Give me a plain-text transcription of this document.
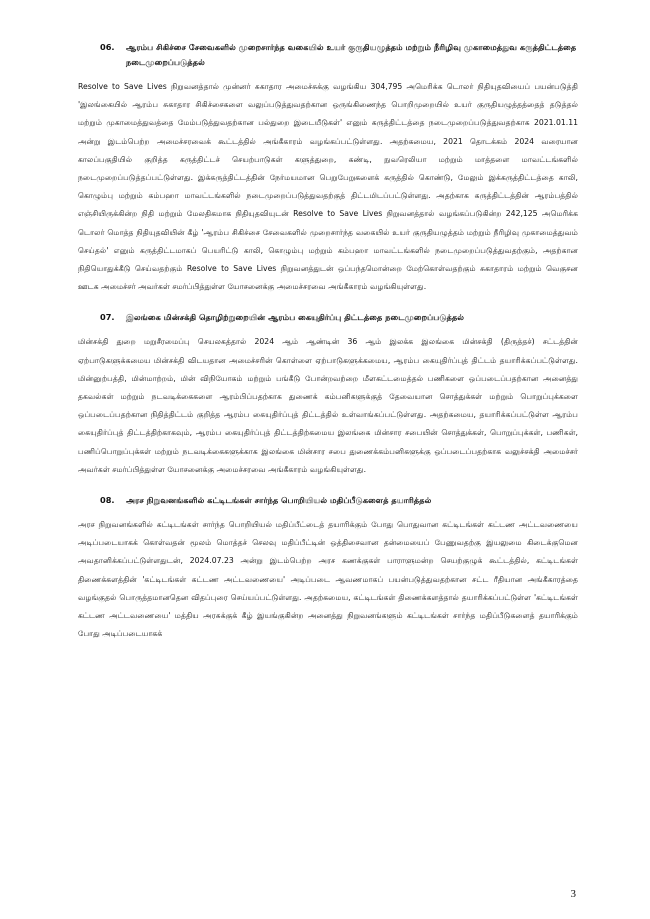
06.	ஆரம்ப சிகிச்சை சேவைகளில் முறைசார்ந்த வகையில் உயர் குருதியழுத்தம் மற்றும் நீரிழிவு முகாமைத்துவ கருத்திட்டத்தை நடைமுறைப்படுத்தல்

Resolve to Save Lives நிறுவனத்தால் முன்னர் சுகாதார அமைச்சுக்கு வழங்கிய 304,795 அமெரிக்க டொலர் நிதியுதவியைப் பயன்படுத்தி 'இலங்கையில் ஆரம்ப சுகாதார சிகிச்சைகளை வலுப்படுத்துவதற்கான ஒருங்கிணைந்த பொறிமுறையில் உயர் குருதியழுத்தத்தைத் தடுத்தல் மற்றும் முகாமைத்துவத்தை மேம்படுத்துவதற்கான பல்துறை இடையீடுகள்' எனும் கருத்திட்டத்தை நடைமுறைப்படுத்துவதற்காக 2021.01.11 அன்று இடம்பெற்ற அமைச்சரவைக் கூட்டத்தில் அங்கீகாரம் வழங்கப்பட்டுள்ளது. அதற்கமைய, 2021 தொடக்கம் 2024 வரையான காலப்பகுதியில் குறித்த கருத்திட்டச் செயற்பாடுகள் களுத்துறை, கண்டி, நுவரெலியா மற்றும் மாத்தளை மாவட்டங்களில் நடைமுறைப்படுத்தப்பட்டுள்ளது. இக்கருத்திட்டத்தின் நேர்மயமான பெறுபேறுகளைக் கருத்தில் கொண்டு, மேலும் இக்கருத்திட்டத்தை காலி, கொழும்பு மற்றும் கம்பஹா மாவட்டங்களில் நடைமுறைப்படுத்துவதற்குத் திட்டமிடப்பட்டுள்ளது. அதற்காக கருத்திட்டத்தின் ஆரம்பத்தில் எஞ்சியிருக்கின்ற நிதி மற்றும் மேலதிகமாக நிதியுதவியுடன் Resolve to Save Lives நிறுவனத்தால் வழங்கப்படுகின்ற 242,125 அமெரிக்க டொலர் மொத்த நிதியுதவியின் கீழ் 'ஆரம்ப சிகிச்சை சேவைகளில் முறைசார்ந்த வகையில் உயர் குருதியழுத்தம் மற்றும் நீரிழிவு முகாமைத்துவம் செய்தல்' எனும் கருத்திட்டமாகப் பெயரிட்டு காலி, கொழும்பு மற்றும் கம்பஹா மாவட்டங்களில் நடைமுறைப்படுத்துவதற்கும், அதற்கான நிதியொதுக்கீடு செய்வதற்கும் Resolve to Save Lives நிறுவனத்துடன் ஒப்பந்தமொன்றை மேற்கொள்வதற்கும் சுகாதாரம் மற்றும் வெகுசன ஊடக அமைச்சர் அவர்கள் சமர்ப்பித்துள்ள யோசனைக்கு அமைச்சரவை அங்கீகாரம் வழங்கியுள்ளது.

07.	இலங்கை மின்சக்தி தொழிற்றுறையின் ஆரம்ப கையுதிர்ப்பு திட்டத்தை நடைமுறைப்படுத்தல்

மின்சக்தி துறை மறுசீரமைப்பு செயலகத்தால் 2024 ஆம் ஆண்டின் 36 ஆம் இலக்க இலங்கை மின்சக்தி (திருத்தச்) சட்டத்தின் ஏற்பாடுகளுக்கமைய மின்சக்தி விடயதான அமைச்சரின் கொள்ளை ஏற்பாடுகளுக்கமைய, ஆரம்ப கையுதிர்ப்புத் திட்டம் தயாரிக்கப்பட்டுள்ளது. மின்னுற்பத்தி, மின்மாற்றம், மின் விநியோகம் மற்றும் பங்கீடு போன்றவற்றை மீளகட்டமைத்தல் பணிகளை ஒப்படைப்பதற்கான அனைத்து தகவல்கள் மற்றும் நடவடிக்கைகளை ஆரம்பிப்பதற்காக துணைக் கம்பனிகளுக்குத் தேவையான சொத்துக்கள் மற்றும் பொறுப்புக்களை ஒப்படைப்பதற்கான நிதித்திட்டம் குறித்த ஆரம்ப கையுதிர்ப்புத் திட்டத்தில் உள்வாங்கப்பட்டுள்ளது. அதற்கமைய, தயாரிக்கப்பட்டுள்ள ஆரம்ப கையுதிர்ப்புத் திட்டத்திற்காகவும், ஆரம்ப கையுதிர்ப்புத் திட்டத்திற்கமைய இலங்கை மின்சார சபையின் சொத்துக்கள், பொறுப்புக்கள், பணிகள், பணிப்பொறுப்புக்கள் மற்றும் நடவடிக்கைகளுக்காக இலங்கை மின்சார சபை துணைக்கம்பனிகளுக்கு ஒப்படைப்பதற்காக வலுச்சக்தி அமைச்சர் அவர்கள் சமர்ப்பித்துள்ள யோசனைக்கு அமைச்சரவை அங்கீகாரம் வழங்கியுள்ளது.

08.	அரச நிறுவனங்களில் கட்டிடங்கள் சார்ந்த பொறியியல் மதிப்பீடுகளைத் தயாரித்தல்

அரச நிறுவனங்களில் கட்டிடங்கள் சார்ந்த பொறியியல் மதிப்பீட்டைத் தயாரிக்கும் போது பொதுவான கட்டிடங்கள் கட்டண அட்டவணையை அடிப்படையாகக் கொள்வதன் மூலம் மொத்தச் செலவு மதிப்பீட்டின் ஒத்திசைவான தன்மையைப் பேணுவதற்கு இயலுமை கிடைக்குமென அவதானிக்கப்பட்டுள்ளதுடன், 2024.07.23 அன்று இடம்பெற்ற அரச கணக்குகள் பாராளுமன்ற செயற்குழுக் கூட்டத்தில், கட்டிடங்கள் திணைக்களத்தின் 'கட்டிடங்கள் கட்டண அட்டவணையை' அடிப்படை ஆவணமாகப் பயன்படுத்துவதற்கான சட்ட ரீதியான அங்கீகாரத்தை வழங்குதல் பொருத்தமானதென விதப்புரை செய்யப்பட்டுள்ளது. அதற்கமைய, கட்டிடங்கள் திணைக்களத்தால் தயாரிக்கப்பட்டுள்ள 'கட்டிடங்கள் கட்டண அட்டவணையை' மத்திய அரசுக்குக் கீழ் இயங்குகின்ற அனைத்து நிறுவனங்களும் கட்டிடங்கள் சார்ந்த மதிப்பீடுகளைத் தயாரிக்கும் போது அடிப்படையாகக்

3
